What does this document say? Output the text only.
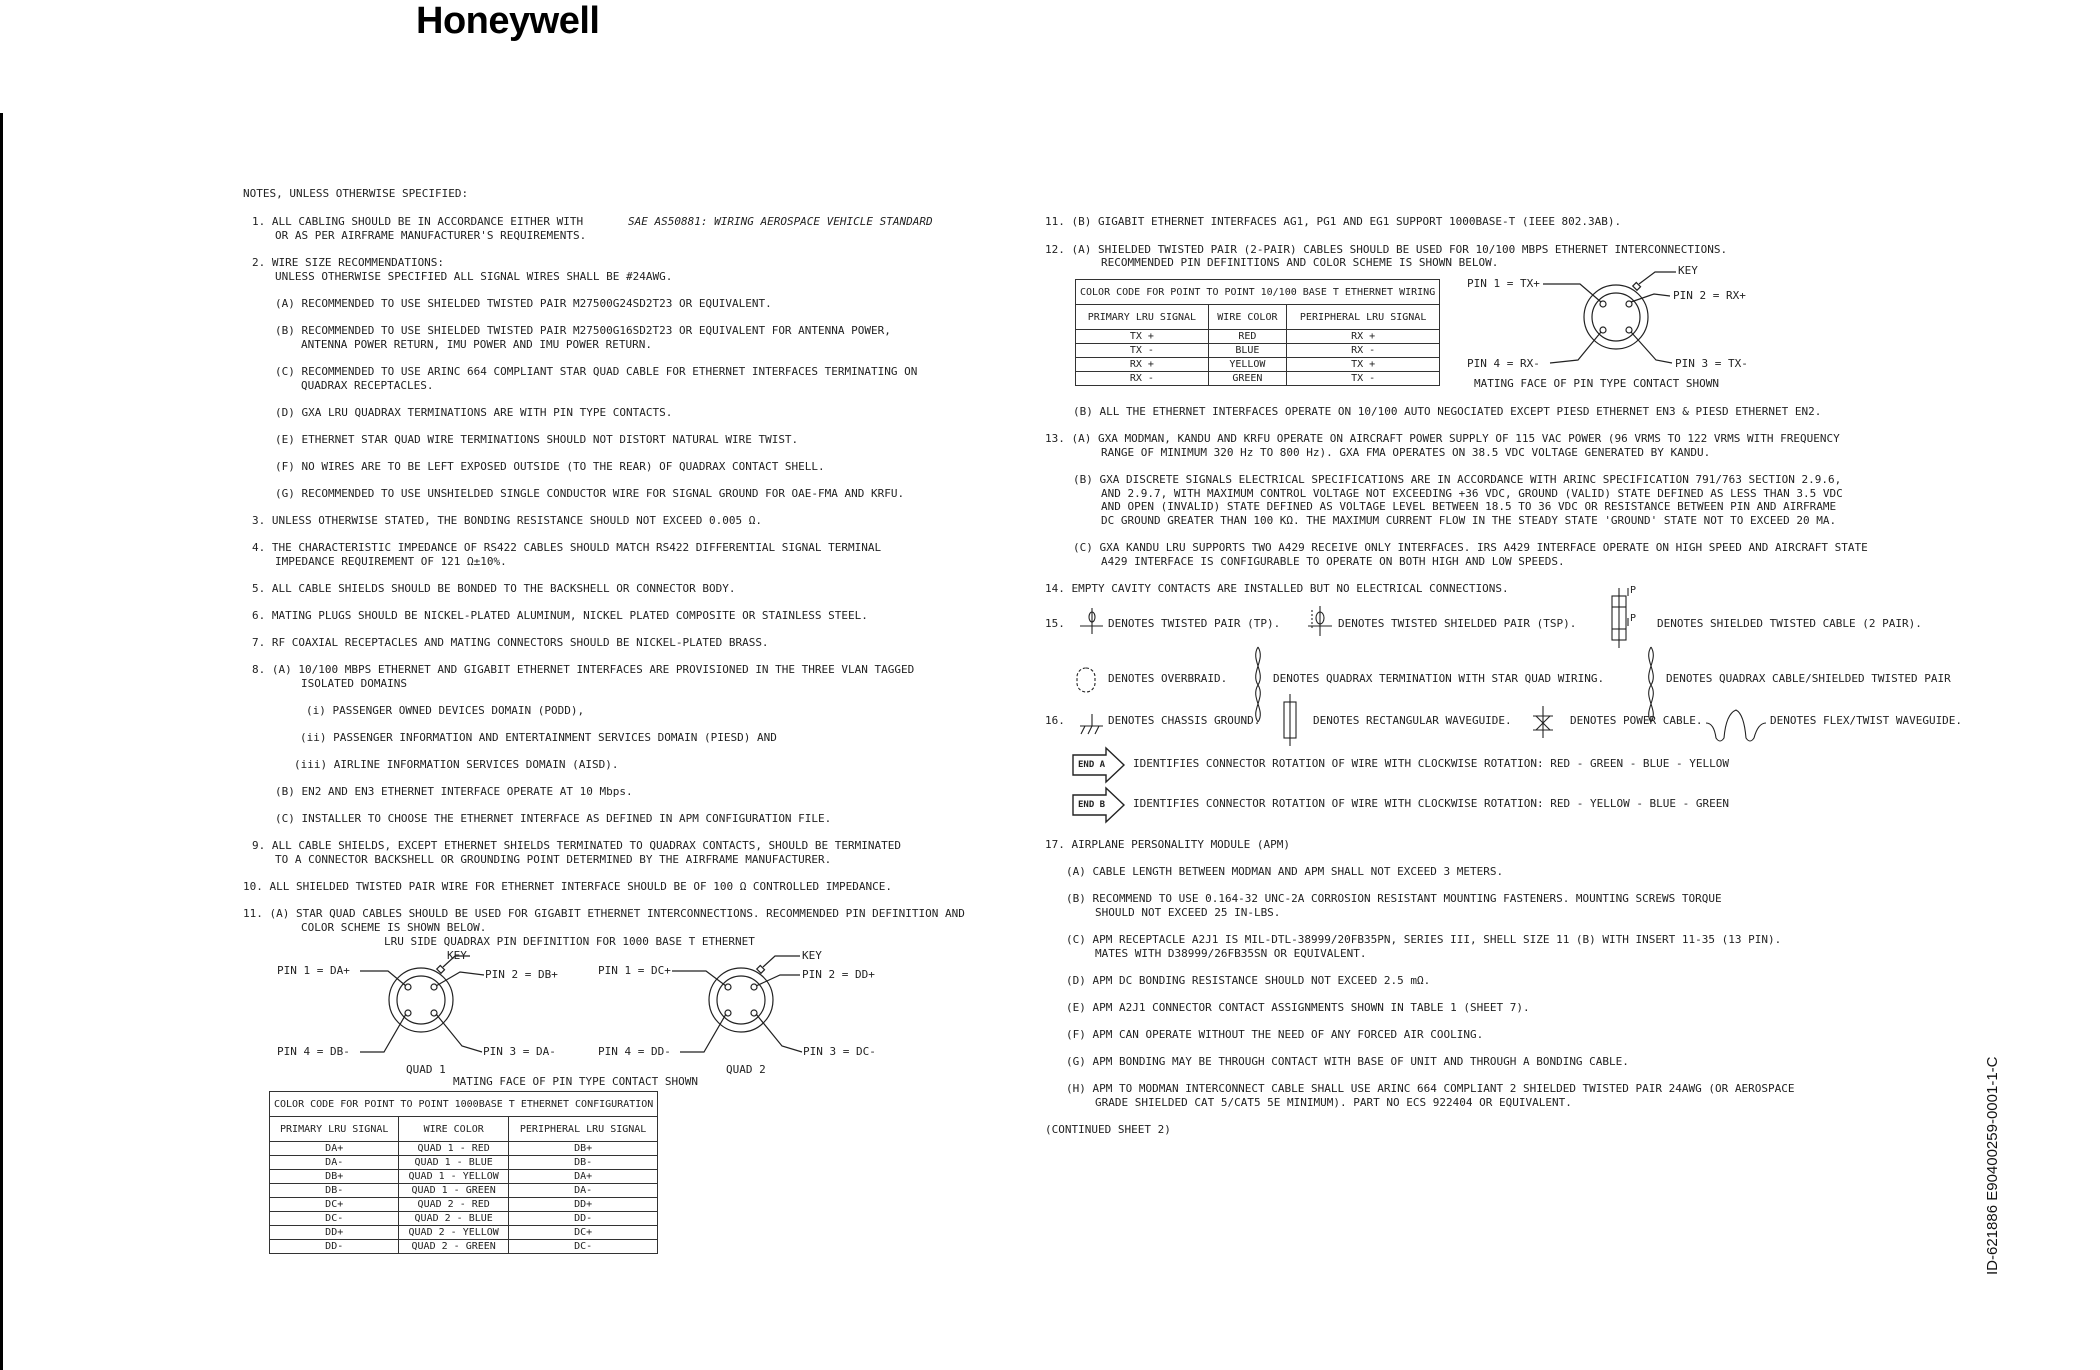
Honeywell
ID-621886 E90400259-0001-1-C
NOTES, UNLESS OTHERWISE SPECIFIED:
1. ALL CABLING SHOULD BE IN ACCORDANCE EITHER WITH	SAE AS50881: WIRING AEROSPACE VEHICLE STANDARD
OR AS PER AIRFRAME MANUFACTURER'S REQUIREMENTS.
2. WIRE SIZE RECOMMENDATIONS:
UNLESS OTHERWISE SPECIFIED ALL SIGNAL WIRES SHALL BE #24AWG.
(A) RECOMMENDED TO USE SHIELDED TWISTED PAIR M27500G24SD2T23 OR EQUIVALENT.
(B) RECOMMENDED TO USE SHIELDED TWISTED PAIR M27500G16SD2T23 OR EQUIVALENT FOR ANTENNA POWER,
ANTENNA POWER RETURN, IMU POWER AND IMU POWER RETURN.
(C) RECOMMENDED TO USE ARINC 664 COMPLIANT STAR QUAD CABLE FOR ETHERNET INTERFACES TERMINATING ON
QUADRAX RECEPTACLES.
(D) GXA LRU QUADRAX TERMINATIONS ARE WITH PIN TYPE CONTACTS.
(E) ETHERNET STAR QUAD WIRE TERMINATIONS SHOULD NOT DISTORT NATURAL WIRE TWIST.
(F) NO WIRES ARE TO BE LEFT EXPOSED OUTSIDE (TO THE REAR) OF QUADRAX CONTACT SHELL.
(G) RECOMMENDED TO USE UNSHIELDED SINGLE CONDUCTOR WIRE FOR SIGNAL GROUND FOR OAE-FMA AND KRFU.
3. UNLESS OTHERWISE STATED, THE BONDING RESISTANCE SHOULD NOT EXCEED 0.005 Ω.
4. THE CHARACTERISTIC IMPEDANCE OF RS422 CABLES SHOULD MATCH RS422 DIFFERENTIAL SIGNAL TERMINAL
IMPEDANCE REQUIREMENT OF 121 Ω±10%.
5. ALL CABLE SHIELDS SHOULD BE BONDED TO THE BACKSHELL OR CONNECTOR BODY.
6. MATING PLUGS SHOULD BE NICKEL-PLATED ALUMINUM, NICKEL PLATED COMPOSITE OR STAINLESS STEEL.
7. RF COAXIAL RECEPTACLES AND MATING CONNECTORS SHOULD BE NICKEL-PLATED BRASS.
8. (A) 10/100 MBPS ETHERNET AND GIGABIT ETHERNET INTERFACES ARE PROVISIONED IN THE THREE VLAN TAGGED
ISOLATED DOMAINS
(i) PASSENGER OWNED DEVICES DOMAIN (PODD),
(ii) PASSENGER INFORMATION AND ENTERTAINMENT SERVICES DOMAIN (PIESD) AND
(iii) AIRLINE INFORMATION SERVICES DOMAIN (AISD).
(B) EN2 AND EN3 ETHERNET INTERFACE OPERATE AT 10 Mbps.
(C) INSTALLER TO CHOOSE THE ETHERNET INTERFACE AS DEFINED IN APM CONFIGURATION FILE.
9. ALL CABLE SHIELDS, EXCEPT ETHERNET SHIELDS TERMINATED TO QUADRAX CONTACTS, SHOULD BE TERMINATED
TO A CONNECTOR BACKSHELL OR GROUNDING POINT DETERMINED BY THE AIRFRAME MANUFACTURER.
10. ALL SHIELDED TWISTED PAIR WIRE FOR ETHERNET INTERFACE SHOULD BE OF 100 Ω CONTROLLED IMPEDANCE.
11. (A) STAR QUAD CABLES SHOULD BE USED FOR GIGABIT ETHERNET INTERCONNECTIONS. RECOMMENDED PIN DEFINITION AND
COLOR SCHEME IS SHOWN BELOW.
LRU SIDE QUADRAX PIN DEFINITION FOR 1000 BASE T ETHERNET
KEY
PIN 1 = DA+	PIN 2 = DB+
PIN 3 = DA-
PIN 4 = DB-
QUAD 1
KEY
PIN 1 = DC+	PIN 2 = DD+
PIN 3 = DC-
PIN 4 = DD-
QUAD 2
MATING FACE OF PIN TYPE CONTACT SHOWN
COLOR CODE FOR POINT TO POINT 1000BASE T ETHERNET CONFIGURATION		
PRIMARY LRU SIGNAL	WIRE COLOR	PERIPHERAL LRU SIGNAL
DA+	QUAD 1 - RED	DB+
DA-	QUAD 1 - BLUE	DB-
DB+	QUAD 1 - YELLOW	DA+
DB-	QUAD 1 - GREEN	DA-
DC+	QUAD 2 - RED	DD+
DC-	QUAD 2 - BLUE	DD-
DD+	QUAD 2 - YELLOW	DC+
DD-	QUAD 2 - GREEN	DC-
11. (B) GIGABIT ETHERNET INTERFACES AG1, PG1 AND EG1 SUPPORT 1000BASE-T (IEEE 802.3AB).
12. (A) SHIELDED TWISTED PAIR (2-PAIR) CABLES SHOULD BE USED FOR 10/100 MBPS ETHERNET INTERCONNECTIONS.
RECOMMENDED PIN DEFINITIONS AND COLOR SCHEME IS SHOWN BELOW.
COLOR CODE FOR POINT TO POINT 10/100 BASE T ETHERNET WIRING		
PRIMARY LRU SIGNAL	WIRE COLOR	PERIPHERAL LRU SIGNAL
TX +	RED	RX +
TX -	BLUE	RX -
RX +	YELLOW	TX +
RX -	GREEN	TX -
PIN 1 = TX+
KEY
PIN 2 = RX+
PIN 4 = RX-	PIN 3 = TX-
MATING FACE OF PIN TYPE CONTACT SHOWN
(B) ALL THE ETHERNET INTERFACES OPERATE ON 10/100 AUTO NEGOCIATED EXCEPT PIESD ETHERNET EN3 & PIESD ETHERNET EN2.
13. (A) GXA MODMAN, KANDU AND KRFU OPERATE ON AIRCRAFT POWER SUPPLY OF 115 VAC POWER (96 VRMS TO 122 VRMS WITH FREQUENCY
RANGE OF MINIMUM 320 Hz TO 800 Hz). GXA FMA OPERATES ON 38.5 VDC VOLTAGE GENERATED BY KANDU.
(B) GXA DISCRETE SIGNALS ELECTRICAL SPECIFICATIONS ARE IN ACCORDANCE WITH ARINC SPECIFICATION 791/763 SECTION 2.9.6,
AND 2.9.7, WITH MAXIMUM CONTROL VOLTAGE NOT EXCEEDING +36 VDC, GROUND (VALID) STATE DEFINED AS LESS THAN 3.5 VDC
AND OPEN (INVALID) STATE DEFINED AS VOLTAGE LEVEL BETWEEN 18.5 TO 36 VDC OR RESISTANCE BETWEEN PIN AND AIRFRAME
DC GROUND GREATER THAN 100 KΩ. THE MAXIMUM CURRENT FLOW IN THE STEADY STATE 'GROUND' STATE NOT TO EXCEED 20 MA.
(C) GXA KANDU LRU SUPPORTS TWO A429 RECEIVE ONLY INTERFACES. IRS A429 INTERFACE OPERATE ON HIGH SPEED AND AIRCRAFT STATE
A429 INTERFACE IS CONFIGURABLE TO OPERATE ON BOTH HIGH AND LOW SPEEDS.
14. EMPTY CAVITY CONTACTS ARE INSTALLED BUT NO ELECTRICAL CONNECTIONS.
15.	DENOTES TWISTED PAIR (TP).	DENOTES TWISTED SHIELDED PAIR (TSP).	DENOTES SHIELDED TWISTED CABLE (2 PAIR).
P
P
DENOTES OVERBRAID.	DENOTES QUADRAX TERMINATION WITH STAR QUAD WIRING.	DENOTES QUADRAX CABLE/SHIELDED TWISTED PAIR
16.	DENOTES CHASSIS GROUND.	DENOTES RECTANGULAR WAVEGUIDE.	DENOTES POWER CABLE.	DENOTES FLEX/TWIST WAVEGUIDE.
END A	IDENTIFIES CONNECTOR ROTATION OF WIRE WITH CLOCKWISE ROTATION: RED - GREEN - BLUE - YELLOW
END B	IDENTIFIES CONNECTOR ROTATION OF WIRE WITH CLOCKWISE ROTATION: RED - YELLOW - BLUE - GREEN
17. AIRPLANE PERSONALITY MODULE (APM)
(A) CABLE LENGTH BETWEEN MODMAN AND APM SHALL NOT EXCEED 3 METERS.
(B) RECOMMEND TO USE 0.164-32 UNC-2A CORROSION RESISTANT MOUNTING FASTENERS. MOUNTING SCREWS TORQUE
SHOULD NOT EXCEED 25 IN-LBS.
(C) APM RECEPTACLE A2J1 IS MIL-DTL-38999/20FB35PN, SERIES III, SHELL SIZE 11 (B) WITH INSERT 11-35 (13 PIN).
MATES WITH D38999/26FB35SN OR EQUIVALENT.
(D) APM DC BONDING RESISTANCE SHOULD NOT EXCEED 2.5 mΩ.
(E) APM A2J1 CONNECTOR CONTACT ASSIGNMENTS SHOWN IN TABLE 1 (SHEET 7).
(F) APM CAN OPERATE WITHOUT THE NEED OF ANY FORCED AIR COOLING.
(G) APM BONDING MAY BE THROUGH CONTACT WITH BASE OF UNIT AND THROUGH A BONDING CABLE.
(H) APM TO MODMAN INTERCONNECT CABLE SHALL USE ARINC 664 COMPLIANT 2 SHIELDED TWISTED PAIR 24AWG (OR AEROSPACE
GRADE SHIELDED CAT 5/CAT5 5E MINIMUM). PART NO ECS 922404 OR EQUIVALENT.
(CONTINUED SHEET 2)
